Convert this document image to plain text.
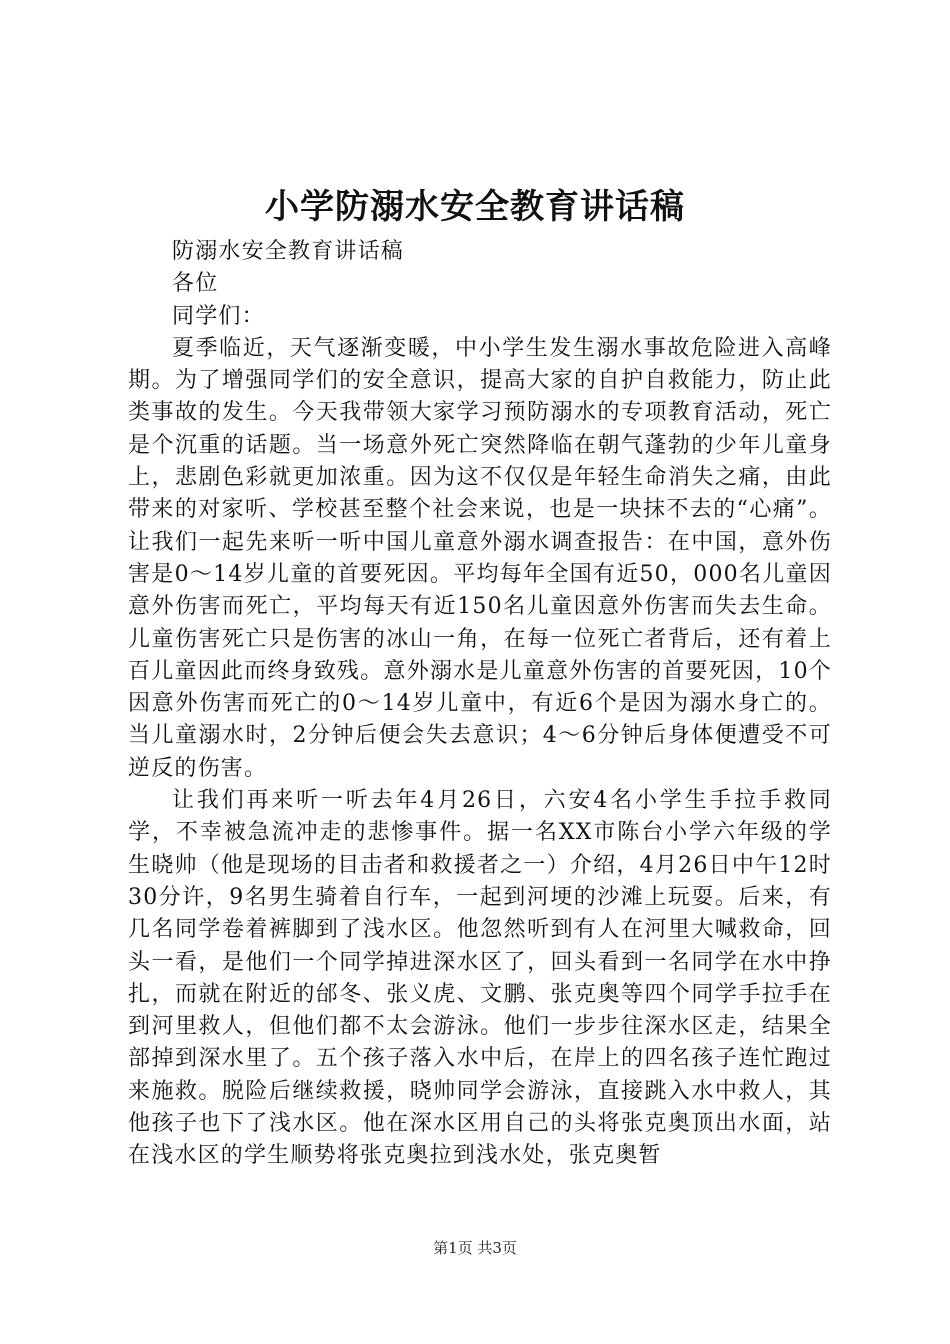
小学防溺水安全教育讲话稿

防溺水安全教育讲话稿

各位

同学们：

夏季临近，天气逐渐变暖，中小学生发生溺水事故危险进入高峰期。为了增强同学们的安全意识，提高大家的自护自救能力，防止此类事故的发生。今天我带领大家学习预防溺水的专项教育活动，死亡是个沉重的话题。当一场意外死亡突然降临在朝气蓬勃的少年儿童身上，悲剧色彩就更加浓重。因为这不仅仅是年轻生命消失之痛，由此带来的对家听、学校甚至整个社会来说，也是一块抹不去的“心痛”。让我们一起先来听一听中国儿童意外溺水调查报告：在中国，意外伤害是0～14岁儿童的首要死因。平均每年全国有近50，000名儿童因意外伤害而死亡，平均每天有近150名儿童因意外伤害而失去生命。儿童伤害死亡只是伤害的冰山一角，在每一位死亡者背后，还有着上百儿童因此而终身致残。意外溺水是儿童意外伤害的首要死因，10个因意外伤害而死亡的0～14岁儿童中，有近6个是因为溺水身亡的。当儿童溺水时，2分钟后便会失去意识；4～6分钟后身体便遭受不可逆反的伤害。

让我们再来听一听去年4月26日，六安4名小学生手拉手救同学，不幸被急流冲走的悲惨事件。据一名XX市陈台小学六年级的学生晓帅（他是现场的目击者和救援者之一）介绍，4月26日中午12时30分许，9名男生骑着自行车，一起到河埂的沙滩上玩耍。后来，有几名同学卷着裤脚到了浅水区。他忽然听到有人在河里大喊救命，回头一看，是他们一个同学掉进深水区了，回头看到一名同学在水中挣扎，而就在附近的邰冬、张义虎、文鹏、张克奥等四个同学手拉手在到河里救人，但他们都不太会游泳。他们一步步往深水区走，结果全部掉到深水里了。五个孩子落入水中后，在岸上的四名孩子连忙跑过来施救。脱险后继续救援，晓帅同学会游泳，直接跳入水中救人，其他孩子也下了浅水区。他在深水区用自己的头将张克奥顶出水面，站在浅水区的学生顺势将张克奥拉到浅水处，张克奥暂

第1页 共3页
